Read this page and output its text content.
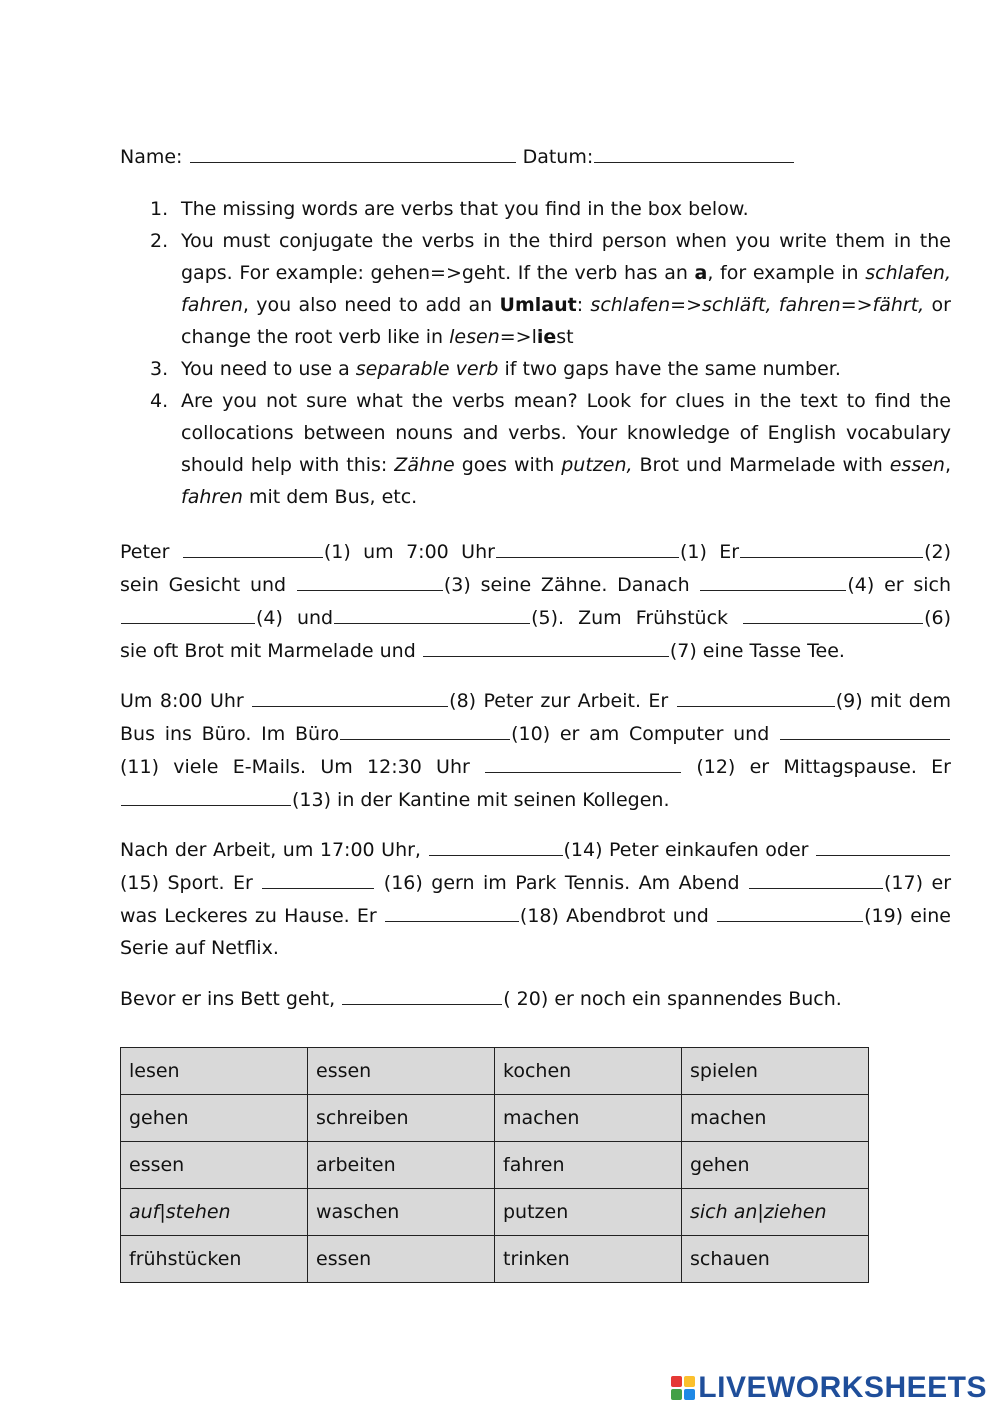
Name:	Datum:
1. The missing words are verbs that you find in the box below.
2. You must conjugate the verbs in the third person when you write them in the gaps. For example: gehen=>geht. If the verb has an a, for example in schlafen, fahren, you also need to add an Umlaut: schlafen=>schläft, fahren=>fährt, or change the root verb like in lesen=>liest
3. You need to use a separable verb if two gaps have the same number.
4. Are you not sure what the verbs mean? Look for clues in the text to find the collocations between nouns and verbs. Your knowledge of English vocabulary should help with this: Zähne goes with putzen, Brot und Marmelade with essen, fahren mit dem Bus, etc.

Peter	(1) um 7:00 Uhr	(1) Er	(2) sein Gesicht und	(3) seine Zähne. Danach	(4) er sich (4) und	(5). Zum Frühstück	(6) sie oft Brot mit Marmelade und	(7) eine Tasse Tee.

Um 8:00 Uhr	(8) Peter zur Arbeit. Er	(9) mit dem Bus ins Büro. Im Büro	(10) er am Computer und (11) viele E-Mails. Um 12:30 Uhr	(12) er Mittagspause. Er (13) in der Kantine mit seinen Kollegen.

Nach der Arbeit, um 17:00 Uhr,	(14) Peter einkaufen oder (15) Sport. Er	(16) gern im Park Tennis. Am Abend	(17) er was Leckeres zu Hause. Er	(18) Abendbrot und	(19) eine Serie auf Netflix.

Bevor er ins Bett geht,	( 20) er noch ein spannendes Buch.

lesen	essen	kochen	spielen
gehen	schreiben	machen	machen
essen	arbeiten	fahren	gehen
auf|stehen	waschen	putzen	sich an|ziehen
frühstücken	essen	trinken	schauen
LIVEWORKSHEETS
